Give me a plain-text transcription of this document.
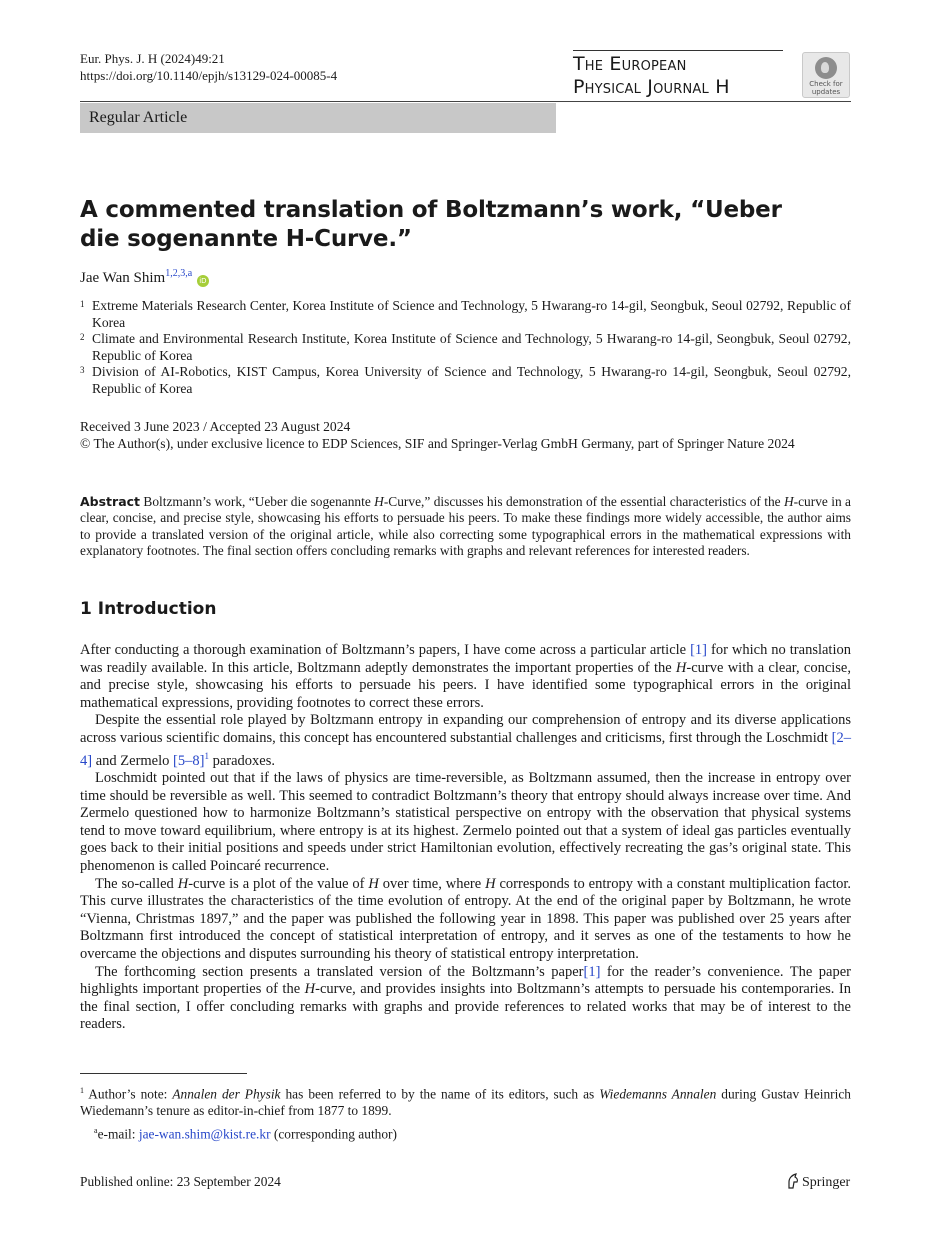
Eur. Phys. J. H (2024)49:21
https://doi.org/10.1140/epjh/s13129-024-00085-4
The European
Physical Journal H	Check for
updates
Regular Article
A commented translation of Boltzmann’s work, “Ueber
die sogenannte H-Curve.”
Jae Wan Shim$^{1,2,3,a}$ iD
1 Extreme Materials Research Center, Korea Institute of Science and Technology, 5 Hwarang-ro 14-gil, Seongbuk, Seoul 02792, Republic of Korea
2 Climate and Environmental Research Institute, Korea Institute of Science and Technology, 5 Hwarang-ro 14-gil, Seongbuk, Seoul 02792, Republic of Korea
3 Division of AI-Robotics, KIST Campus, Korea University of Science and Technology, 5 Hwarang-ro 14-gil, Seongbuk, Seoul 02792, Republic of Korea
Received 3 June 2023 / Accepted 23 August 2024
© The Author(s), under exclusive licence to EDP Sciences, SIF and Springer-Verlag GmbH Germany, part of Springer Nature 2024
Abstract Boltzmann’s work, “Ueber die sogenannte H-Curve,” discusses his demonstration of the essential characteristics of the H-curve in a clear, concise, and precise style, showcasing his efforts to persuade his peers. To make these findings more widely accessible, the author aims to provide a translated version of the original article, while also correcting some typographical errors in the mathematical expressions with explanatory footnotes. The final section offers concluding remarks with graphs and relevant references for interested readers.
1 Introduction

After conducting a thorough examination of Boltzmann’s papers, I have come across a particular article [1] for which no translation was readily available. In this article, Boltzmann adeptly demonstrates the important properties of the H-curve with a clear, concise, and precise style, showcasing his efforts to persuade his peers. I have identified some typographical errors in the original mathematical expressions, providing footnotes to correct these errors.

Despite the essential role played by Boltzmann entropy in expanding our comprehension of entropy and its diverse applications across various scientific domains, this concept has encountered substantial challenges and criticisms, first through the Loschmidt [2–4] and Zermelo $[5-8]^1$ paradoxes.

Loschmidt pointed out that if the laws of physics are time-reversible, as Boltzmann assumed, then the increase in entropy over time should be reversible as well. This seemed to contradict Boltzmann’s theory that entropy should always increase over time. And Zermelo questioned how to harmonize Boltzmann’s statistical perspective on entropy with the observation that physical systems tend to move toward equilibrium, where entropy is at its highest. Zermelo pointed out that a system of ideal gas particles eventually goes back to their initial positions and speeds under strict Hamiltonian evolution, effectively recreating the gas’s original state. This phenomenon is called Poincaré recurrence.

The so-called H-curve is a plot of the value of H over time, where H corresponds to entropy with a constant multiplication factor. This curve illustrates the characteristics of the time evolution of entropy. At the end of the original paper by Boltzmann, he wrote “Vienna, Christmas 1897,” and the paper was published the following year in 1898. This paper was published over 25 years after Boltzmann first introduced the concept of statistical interpretation of entropy, and it serves as one of the testaments to how he overcame the objections and disputes surrounding his theory of statistical entropy interpretation.

The forthcoming section presents a translated version of the Boltzmann’s paper[1] for the reader’s convenience. The paper highlights important properties of the H-curve, and provides insights into Boltzmann’s attempts to persuade his contemporaries. In the final section, I offer concluding remarks with graphs and provide references to related works that may be of interest to the readers.

$^1$ Author’s note: Annalen der Physik has been referred to by the name of its editors, such as Wiedemanns Annalen during Gustav Heinrich Wiedemann’s tenure as editor-in-chief from 1877 to 1899.
$^a$e-mail: jae-wan.shim@kist.re.kr (corresponding author)
Published online: 23 September 2024	Springer
